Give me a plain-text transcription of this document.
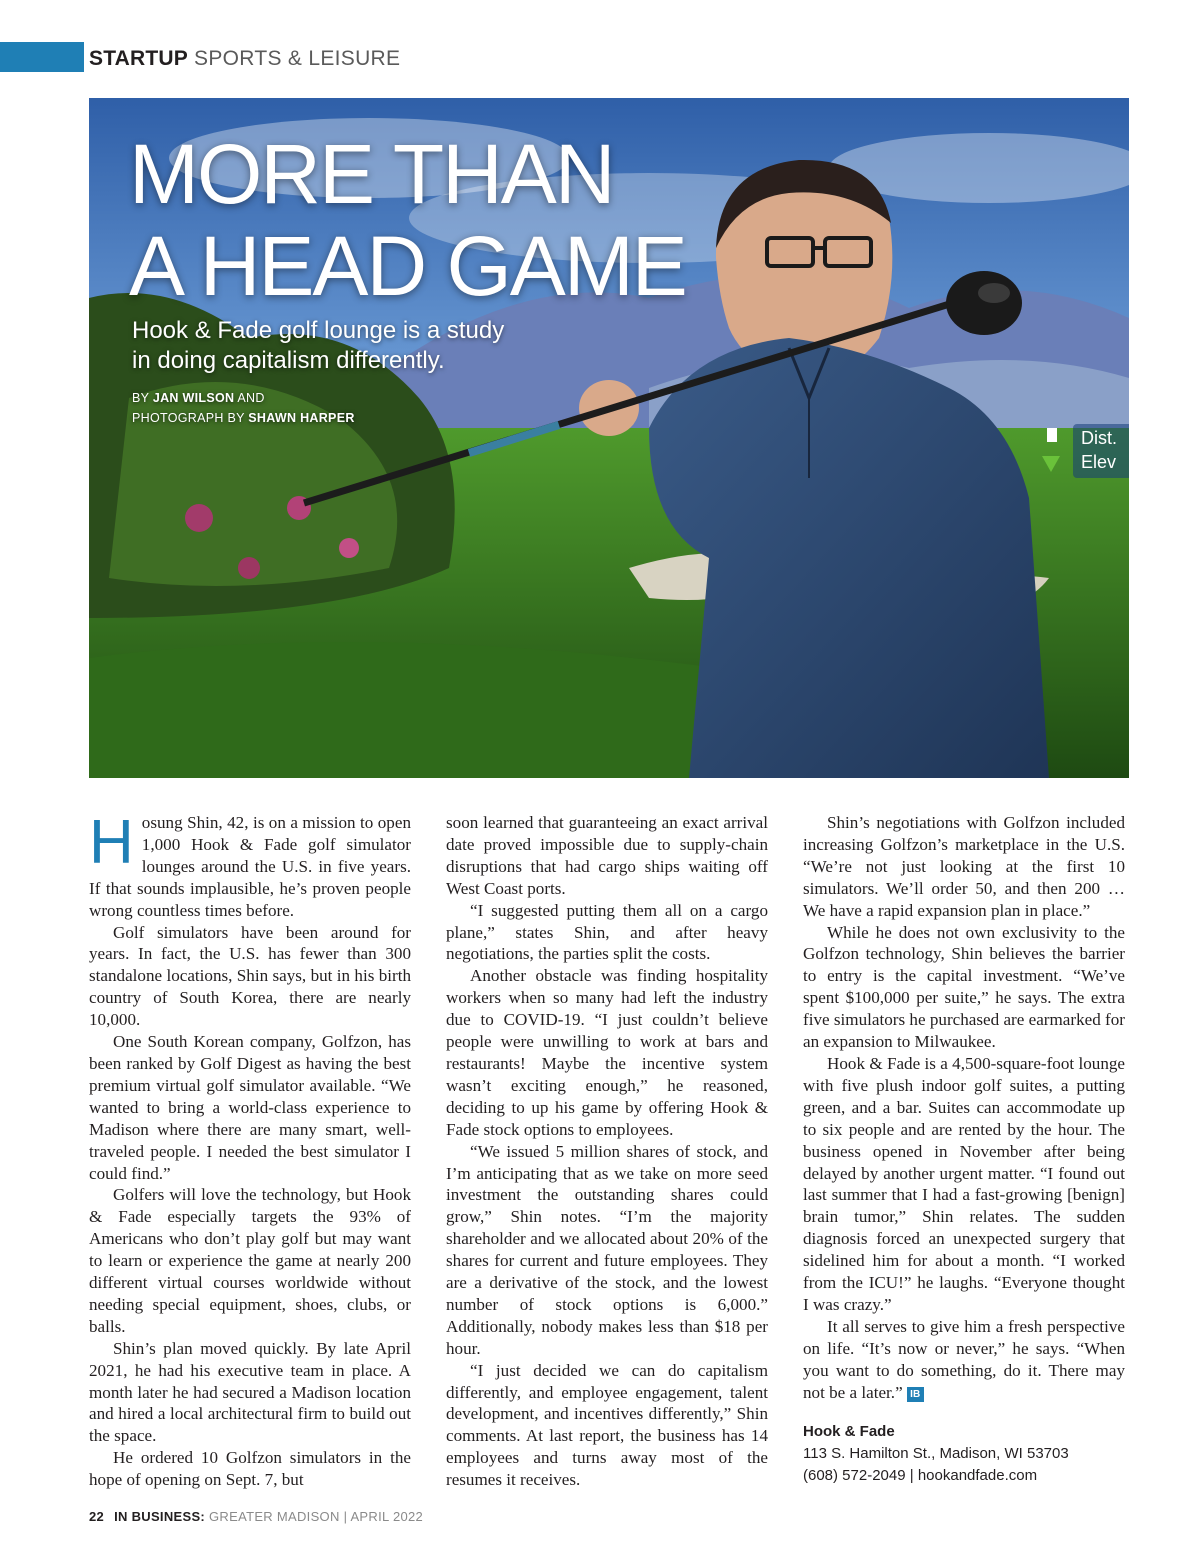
STARTUP SPORTS & LEISURE
MORE THAN
A HEAD GAME
Hook & Fade golf lounge is a study
in doing capitalism differently.
BY JAN WILSON AND
PHOTOGRAPH BY SHAWN HARPER
Dist.
Elev

Hosung Shin, 42, is on a mission to open 1,000 Hook & Fade golf simulator lounges around the U.S. in five years. If that sounds implausible, he’s proven people wrong countless times before.

Golf simulators have been around for years. In fact, the U.S. has fewer than 300 standalone locations, Shin says, but in his birth country of South Korea, there are nearly 10,000.

One South Korean company, Golfzon, has been ranked by Golf Digest as having the best premium virtual golf simulator available. “We wanted to bring a world-class experience to Madison where there are many smart, well-traveled people. I needed the best simulator I could find.”

Golfers will love the technology, but Hook & Fade especially targets the 93% of Americans who don’t play golf but may want to learn or experience the game at nearly 200 different virtual courses worldwide without needing special equipment, shoes, clubs, or balls.

Shin’s plan moved quickly. By late April 2021, he had his executive team in place. A month later he had secured a Madison location and hired a local architectural firm to build out the space.

He ordered 10 Golfzon simulators in the hope of opening on Sept. 7, but

soon learned that guaranteeing an exact arrival date proved impossible due to supply-chain disruptions that had cargo ships waiting off West Coast ports.

“I suggested putting them all on a cargo plane,” states Shin, and after heavy negotiations, the parties split the costs.

Another obstacle was finding hospitality workers when so many had left the industry due to COVID-19. “I just couldn’t believe people were unwilling to work at bars and restaurants! Maybe the incentive system wasn’t exciting enough,” he reasoned, deciding to up his game by offering Hook & Fade stock options to employees.

“We issued 5 million shares of stock, and I’m anticipating that as we take on more seed investment the outstanding shares could grow,” Shin notes. “I’m the majority shareholder and we allocated about 20% of the shares for current and future employees. They are a derivative of the stock, and the lowest number of stock options is 6,000.” Additionally, nobody makes less than $18 per hour.

“I just decided we can do capitalism differently, and employee engagement, talent development, and incentives differently,” Shin comments. At last report, the business has 14 employees and turns away most of the resumes it receives.

Shin’s negotiations with Golfzon included increasing Golfzon’s marketplace in the U.S. “We’re not just looking at the first 10 simulators. We’ll order 50, and then 200 … We have a rapid expansion plan in place.”

While he does not own exclusivity to the Golfzon technology, Shin believes the barrier to entry is the capital investment. “We’ve spent $100,000 per suite,” he says. The extra five simulators he purchased are earmarked for an expansion to Milwaukee.

Hook & Fade is a 4,500-square-foot lounge with five plush indoor golf suites, a putting green, and a bar. Suites can accommodate up to six people and are rented by the hour. The business opened in November after being delayed by another urgent matter. “I found out last summer that I had a fast-growing [benign] brain tumor,” Shin relates. The sudden diagnosis forced an unexpected surgery that sidelined him for about a month. “I worked from the ICU!” he laughs. “Everyone thought I was crazy.”

It all serves to give him a fresh perspective on life. “It’s now or never,” he says. “When you want to do something, do it. There may not be a later.” IB

Hook & Fade
113 S. Hamilton St., Madison, WI 53703
(608) 572-2049 | hookandfade.com
22 IN BUSINESS: GREATER MADISON | APRIL 2022
